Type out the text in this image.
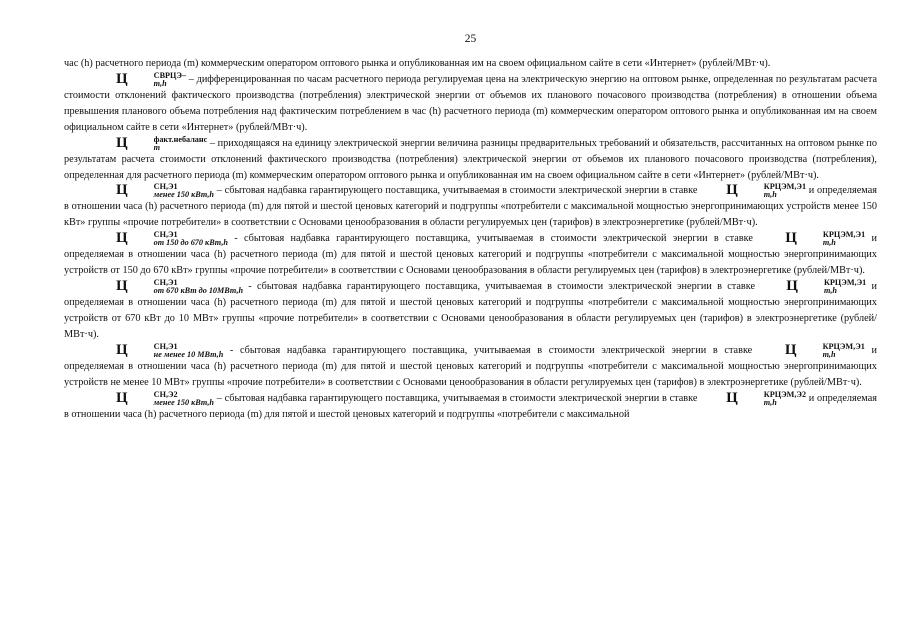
25

час (h) расчетного периода (m) коммерческим оператором оптового рынка и опубликованная им на своем официальном сайте в сети «Интернет» (рублей/МВт·ч).

Ц	СВРЦЭ–
m,h	– дифференцированная по часам расчетного периода регулируемая цена на электрическую энергию на оптовом рынке, определенная по результатам расчета стоимости отклонений фактического производства (потребления) электрической энергии от объемов их планового почасового производства (потребления) в отношении объема превышения планового объема потребления над фактическим потреблением в час (h) расчетного периода (m) коммерческим оператором оптового рынка и опубликованная им на своем официальном сайте в сети «Интернет» (рублей/МВт·ч).

Ц	факт.небаланс
m	– приходящаяся на единицу электрической энергии величина разницы предварительных требований и обязательств, рассчитанных на оптовом рынке по результатам расчета стоимости отклонений фактического производства (потребления) электрической энергии от объемов их планового почасового производства (потребления), определенная для расчетного периода (m) коммерческим оператором оптового рынка и опубликованная им на своем официальном сайте в сети «Интернет» (рублей/МВт·ч).

Ц	СН,Э1
менее 150 кВт,h – сбытовая надбавка гарантирующего поставщика, учитываемая в стоимости электрической энергии в ставке Ц	КРЦЭМ,Э1
m,h	и определяемая в отношении часа (h) расчетного периода (m) для пятой и шестой ценовых категорий и подгруппы «потребители с максимальной мощностью энергопринимающих устройств менее 150 кВт» группы «прочие потребители» в соответствии с Основами ценообразования в области регулируемых цен (тарифов) в электроэнергетике (рублей/МВт·ч).

Ц	СН,Э1
от 150 до 670 кВт,h - сбытовая надбавка гарантирующего поставщика, учитываемая в стоимости электрической энергии в ставке Ц	КРЦЭМ,Э1
m,h	и определяемая в отношении часа (h) расчетного периода (m) для пятой и шестой ценовых категорий и подгруппы «потребители с максимальной мощностью энергопринимающих устройств от 150 до 670 кВт» группы «прочие потребители» в соответствии с Основами ценообразования в области регулируемых цен (тарифов) в электроэнергетике (рублей/МВт·ч).

Ц	СН,Э1
от 670 кВт до 10МВт,h - сбытовая надбавка гарантирующего поставщика, учитываемая в стоимости электрической энергии в ставке Ц	КРЦЭМ,Э1
m,h	и определяемая в отношении часа (h) расчетного периода (m) для пятой и шестой ценовых категорий и подгруппы «потребители с максимальной мощностью энергопринимающих устройств от 670 кВт до 10 МВт» группы «прочие потребители» в соответствии с Основами ценообразования в области регулируемых цен (тарифов) в электроэнергетике (рублей/МВт·ч).

Ц	СН,Э1
не менее 10 МВт,h - сбытовая надбавка гарантирующего поставщика, учитываемая в стоимости электрической энергии в ставке Ц	КРЦЭМ,Э1
m,h	и определяемая в отношении часа (h) расчетного периода (m) для пятой и шестой ценовых категорий и подгруппы «потребители с максимальной мощностью энергопринимающих устройств не менее 10 МВт» группы «прочие потребители» в соответствии с Основами ценообразования в области регулируемых цен (тарифов) в электроэнергетике (рублей/МВт·ч).

Ц	СН,Э2
менее 150 кВт,h – сбытовая надбавка гарантирующего поставщика, учитываемая в стоимости электрической энергии в ставке Ц	КРЦЭМ,Э2
m,h	и определяемая в отношении часа (h) расчетного периода (m) для пятой и шестой ценовых категорий и подгруппы «потребители с максимальной
